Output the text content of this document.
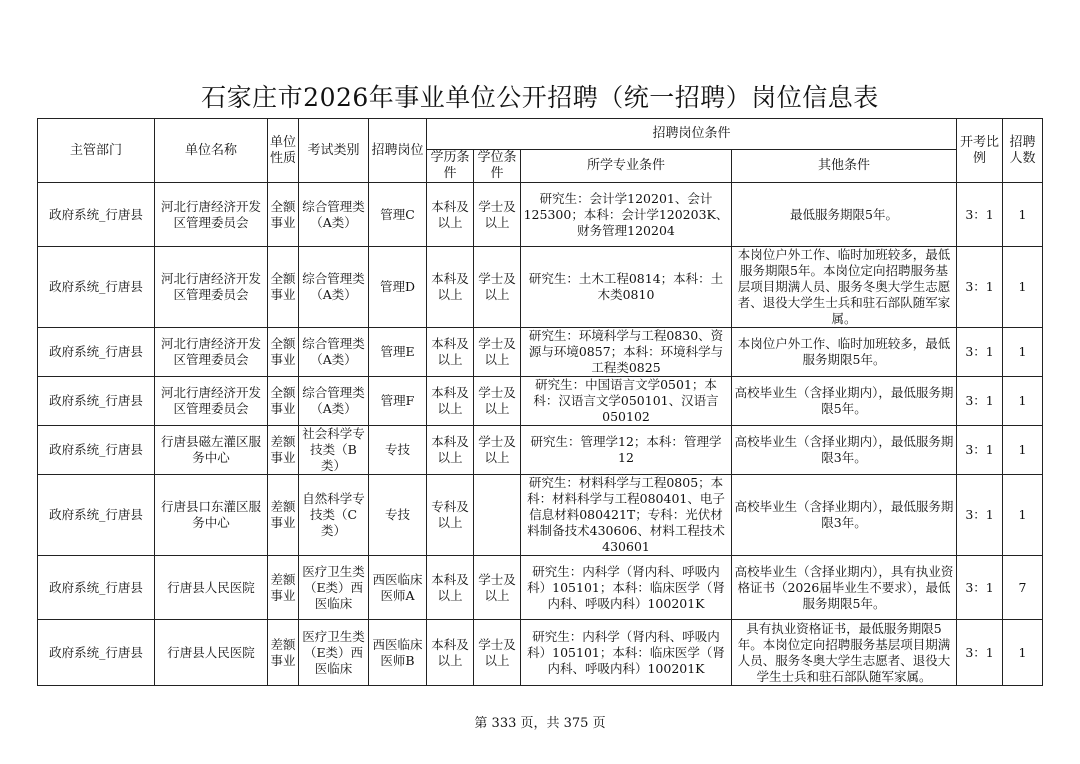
石家庄市2026年事业单位公开招聘（统一招聘）岗位信息表
主管部门	单位名称	单位性质	考试类别	招聘岗位	招聘岗位条件				开考比例	招聘人数
					学历条件	学位条件	所学专业条件	其他条件		
政府系统_行唐县	河北行唐经济开发区管理委员会	全额事业	综合管理类（A类）	管理C	本科及以上	学士及以上	研究生：会计学120201、会计125300；本科：会计学120203K、财务管理120204	最低服务期限5年。	3：1	1
政府系统_行唐县	河北行唐经济开发区管理委员会	全额事业	综合管理类（A类）	管理D	本科及以上	学士及以上	研究生：土木工程0814；本科：土木类0810	本岗位户外工作、临时加班较多，最低服务期限5年。本岗位定向招聘服务基层项目期满人员、服务冬奥大学生志愿者、退役大学生士兵和驻石部队随军家属。	3：1	1
政府系统_行唐县	河北行唐经济开发区管理委员会	全额事业	综合管理类（A类）	管理E	本科及以上	学士及以上	研究生：环境科学与工程0830、资源与环境0857；本科：环境科学与工程类0825	本岗位户外工作、临时加班较多，最低服务期限5年。	3：1	1
政府系统_行唐县	河北行唐经济开发区管理委员会	全额事业	综合管理类（A类）	管理F	本科及以上	学士及以上	研究生：中国语言文学0501；本科：汉语言文学050101、汉语言050102	高校毕业生（含择业期内），最低服务期限5年。	3：1	1
政府系统_行唐县	行唐县磁左灌区服务中心	差额事业	社会科学专技类（B类）	专技	本科及以上	学士及以上	研究生：管理学12；本科：管理学12	高校毕业生（含择业期内），最低服务期限3年。	3：1	1
政府系统_行唐县	行唐县口东灌区服务中心	差额事业	自然科学专技类（C类）	专技	专科及以上		研究生：材料科学与工程0805；本科：材料科学与工程080401、电子信息材料080421T；专科：光伏材料制备技术430606、材料工程技术430601	高校毕业生（含择业期内），最低服务期限3年。	3：1	1
政府系统_行唐县	行唐县人民医院	差额事业	医疗卫生类（E类）西医临床	西医临床医师A	本科及以上	学士及以上	研究生：内科学（肾内科、呼吸内科）105101；本科：临床医学（肾内科、呼吸内科）100201K	高校毕业生（含择业期内），具有执业资格证书（2026届毕业生不要求），最低服务期限5年。	3：1	7
政府系统_行唐县	行唐县人民医院	差额事业	医疗卫生类（E类）西医临床	西医临床医师B	本科及以上	学士及以上	研究生：内科学（肾内科、呼吸内科）105101；本科：临床医学（肾内科、呼吸内科）100201K	具有执业资格证书，最低服务期限5年。本岗位定向招聘服务基层项目期满人员、服务冬奥大学生志愿者、退役大学生士兵和驻石部队随军家属。	3：1	1
第 333 页，共 375 页
